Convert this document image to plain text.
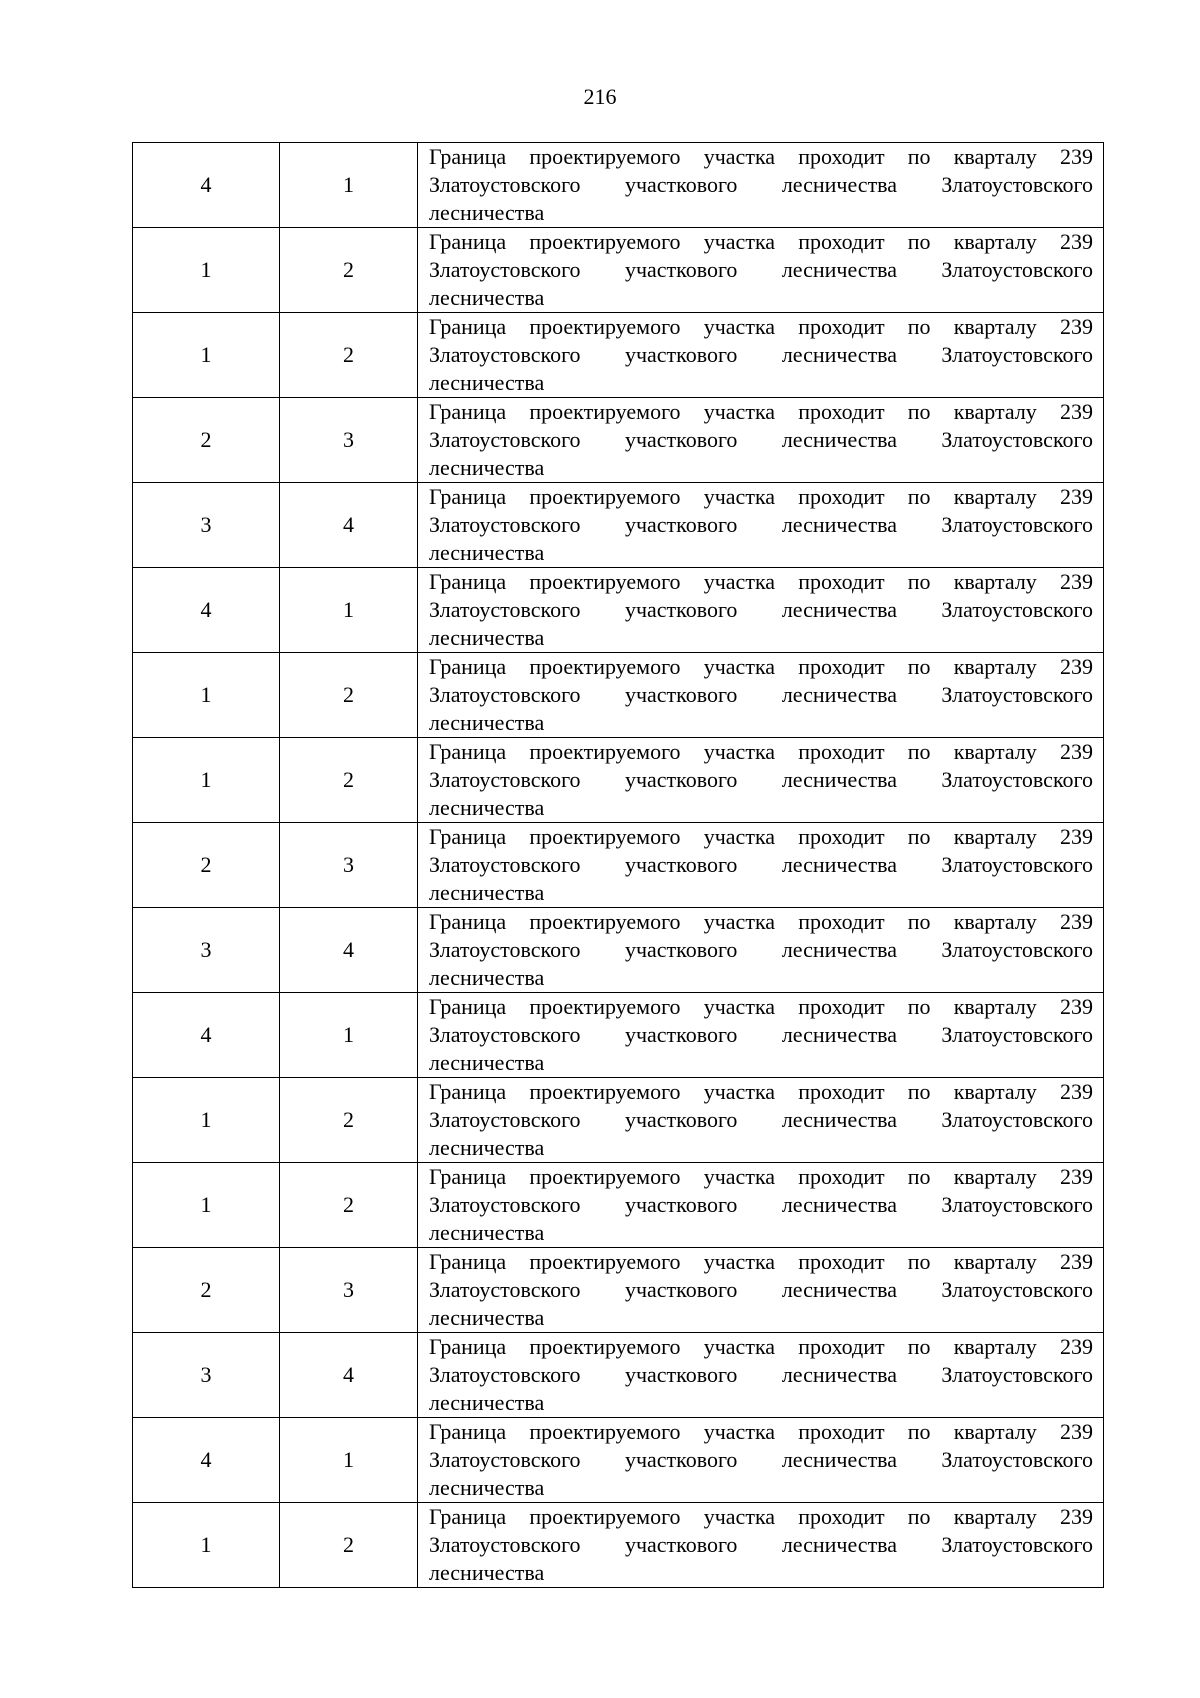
216
4	1	Граница проектируемого участка проходит по кварталу 239 Златоустовского участкового лесничества Златоустовского лесничества

1	2	Граница проектируемого участка проходит по кварталу 239 Златоустовского участкового лесничества Златоустовского лесничества

1	2	Граница проектируемого участка проходит по кварталу 239 Златоустовского участкового лесничества Златоустовского лесничества

2	3	Граница проектируемого участка проходит по кварталу 239 Златоустовского участкового лесничества Златоустовского лесничества

3	4	Граница проектируемого участка проходит по кварталу 239 Златоустовского участкового лесничества Златоустовского лесничества

4	1	Граница проектируемого участка проходит по кварталу 239 Златоустовского участкового лесничества Златоустовского лесничества

1	2	Граница проектируемого участка проходит по кварталу 239 Златоустовского участкового лесничества Златоустовского лесничества

1	2	Граница проектируемого участка проходит по кварталу 239 Златоустовского участкового лесничества Златоустовского лесничества

2	3	Граница проектируемого участка проходит по кварталу 239 Златоустовского участкового лесничества Златоустовского лесничества

3	4	Граница проектируемого участка проходит по кварталу 239 Златоустовского участкового лесничества Златоустовского лесничества

4	1	Граница проектируемого участка проходит по кварталу 239 Златоустовского участкового лесничества Златоустовского лесничества

1	2	Граница проектируемого участка проходит по кварталу 239 Златоустовского участкового лесничества Златоустовского лесничества

1	2	Граница проектируемого участка проходит по кварталу 239 Златоустовского участкового лесничества Златоустовского лесничества

2	3	Граница проектируемого участка проходит по кварталу 239 Златоустовского участкового лесничества Златоустовского лесничества

3	4	Граница проектируемого участка проходит по кварталу 239 Златоустовского участкового лесничества Златоустовского лесничества

4	1	Граница проектируемого участка проходит по кварталу 239 Златоустовского участкового лесничества Златоустовского лесничества

1	2	Граница проектируемого участка проходит по кварталу 239 Златоустовского участкового лесничества Златоустовского лесничества
